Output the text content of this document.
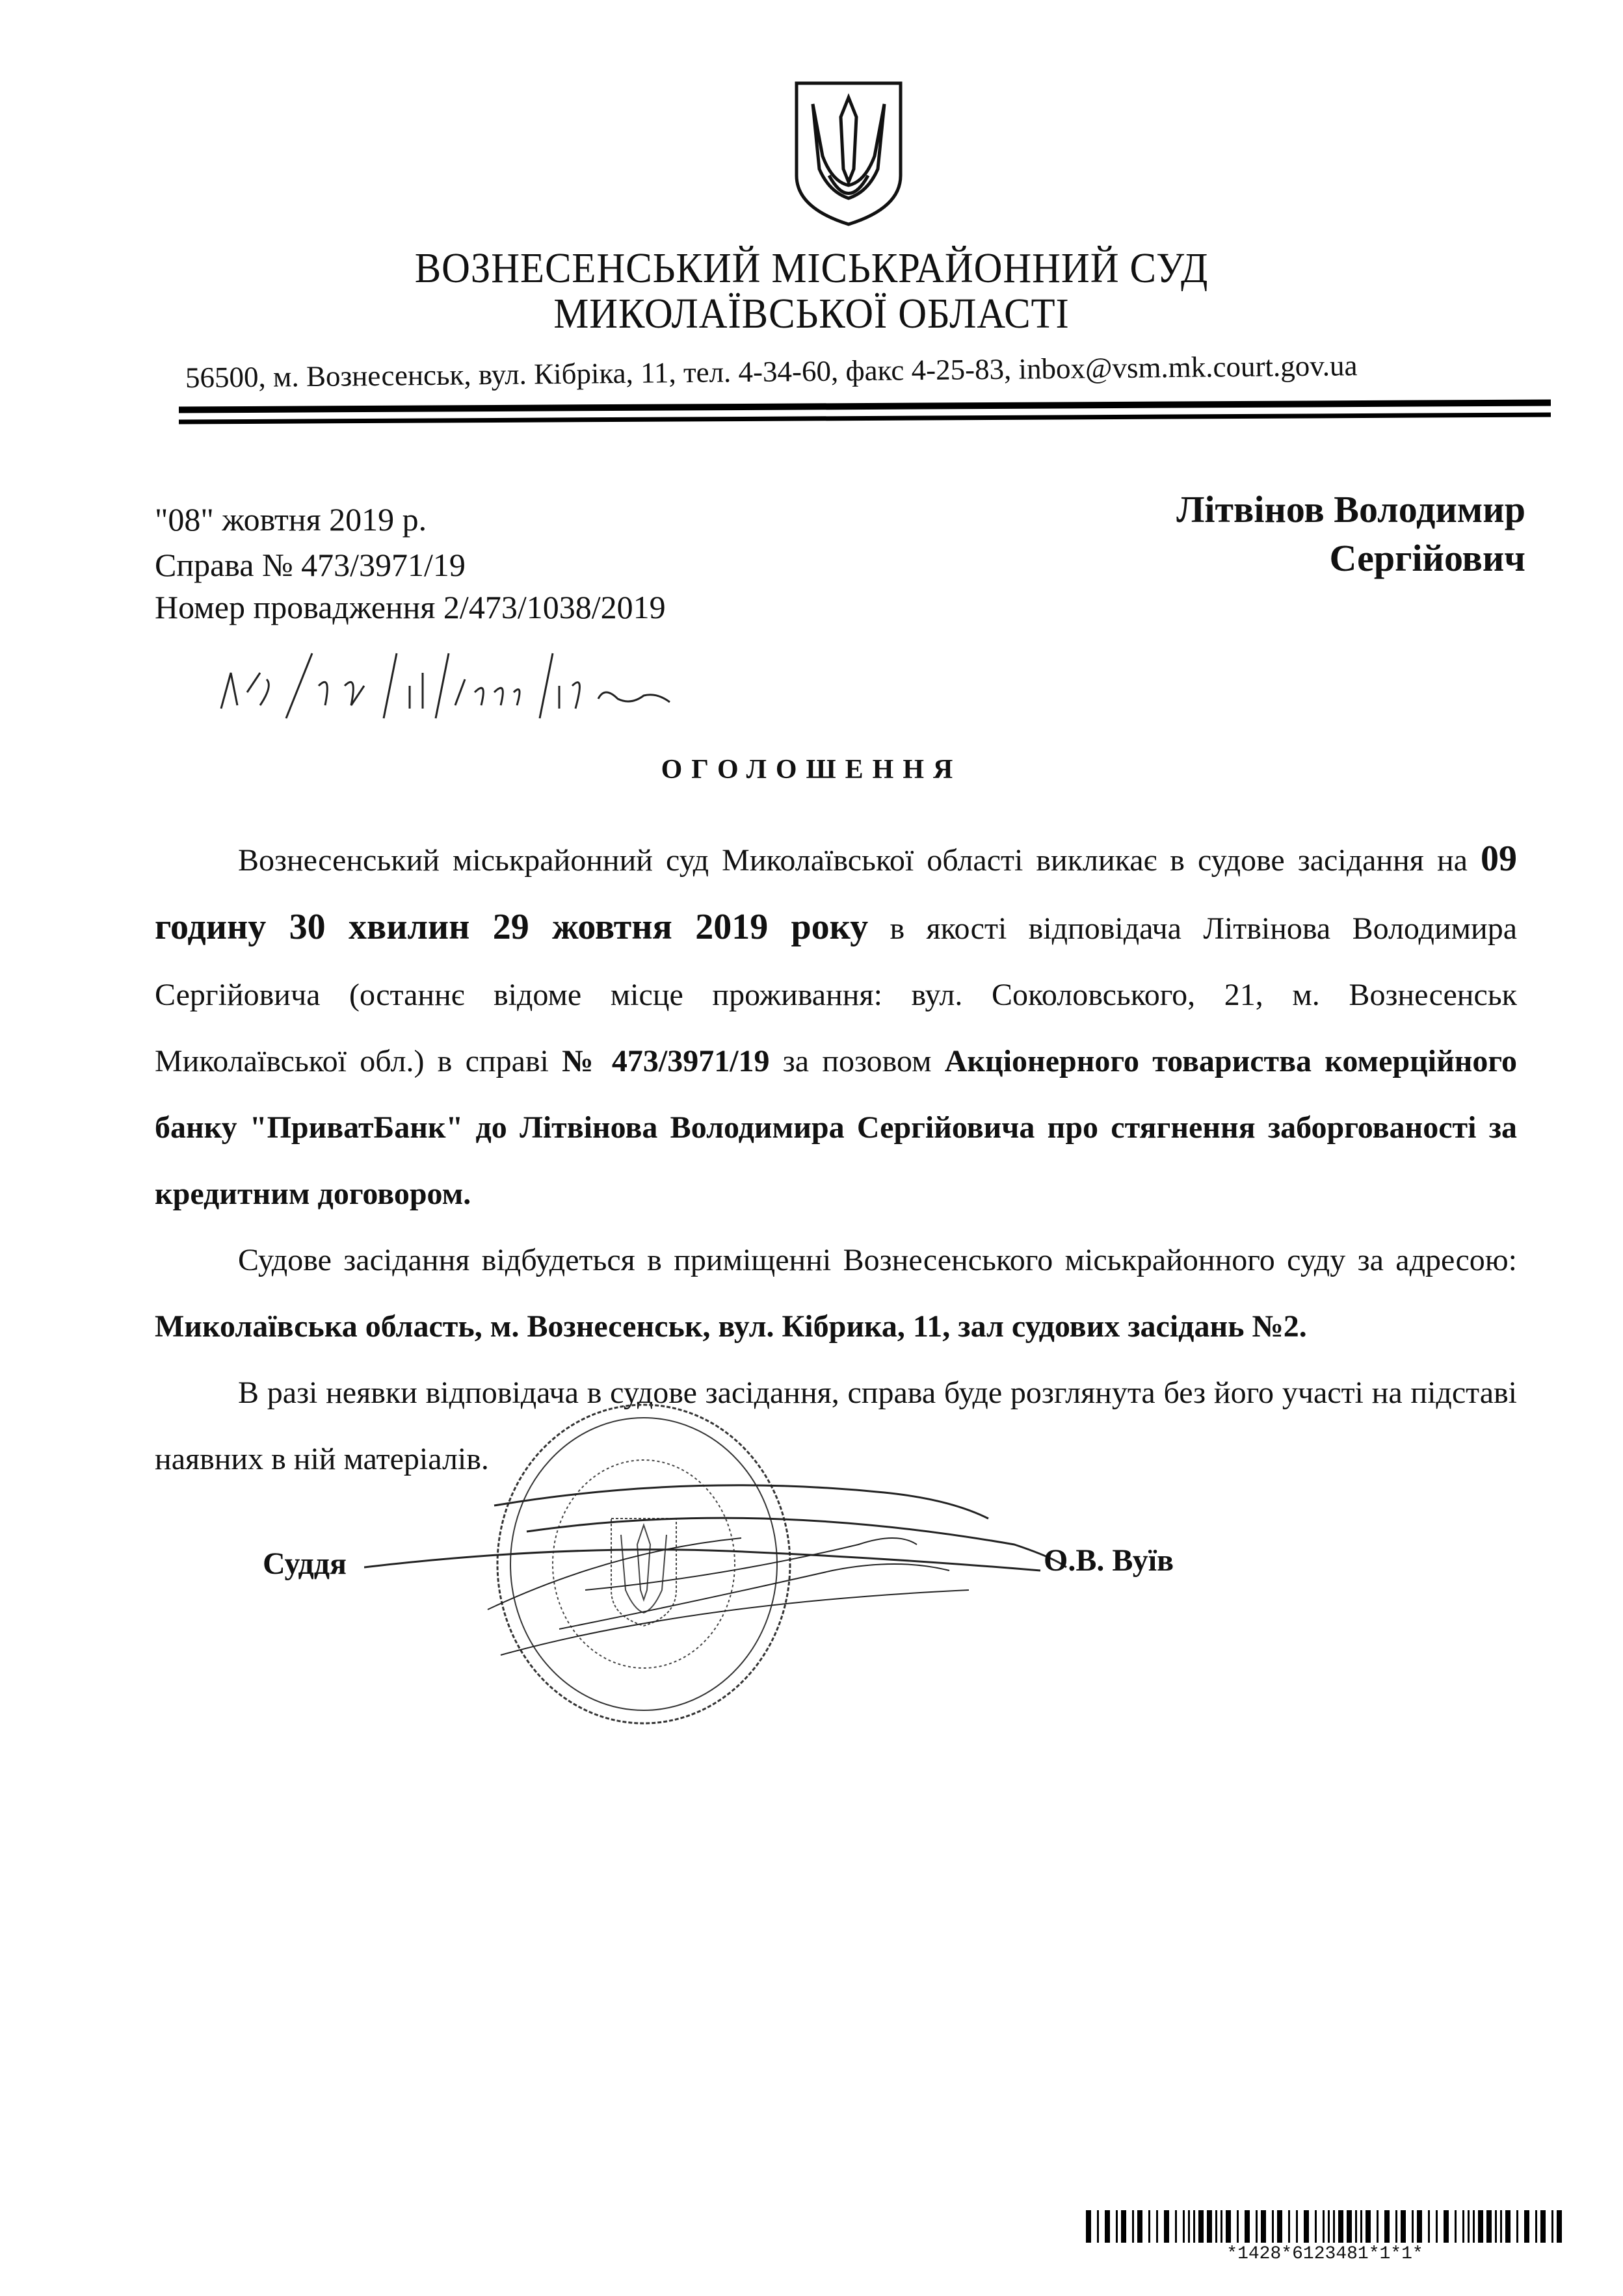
ВОЗНЕСЕНСЬКИЙ МІСЬКРАЙОННИЙ СУД
МИКОЛАЇВСЬКОЇ ОБЛАСТІ
56500, м. Вознесенськ, вул. Кібріка, 11, тел. 4-34-60, факс 4-25-83, inbox@vsm.mk.court.gov.ua
"08" жовтня 2019 р.
Справа № 473/3971/19
Номер провадження 2/473/1038/2019
Літвінов Володимир
Сергійович
ОГОЛОШЕННЯ

Вознесенський міськрайонний суд Миколаївської області викликає в судове засідання на 09 годину 30 хвилин 29 жовтня 2019 року в якості відповідача Літвінова Володимира Сергійовича (останнє відоме місце проживання: вул. Соколовського, 21, м. Вознесенськ Миколаївської обл.) в справі № 473/3971/19 за позовом Акціонерного товариства комерційного банку "ПриватБанк" до Літвінова Володимира Сергійовича про стягнення заборгованості за кредитним договором.

Судове засідання відбудеться в приміщенні Вознесенського міськрайонного суду за адресою: Миколаївська область, м. Вознесенськ, вул. Кібрика, 11, зал судових засідань №2.

В разі неявки відповідача в судове засідання, справа буде розглянута без його участі на підставі наявних в ній матеріалів.

Суддя	О.В. Вуїв
*1428*6123481*1*1*
